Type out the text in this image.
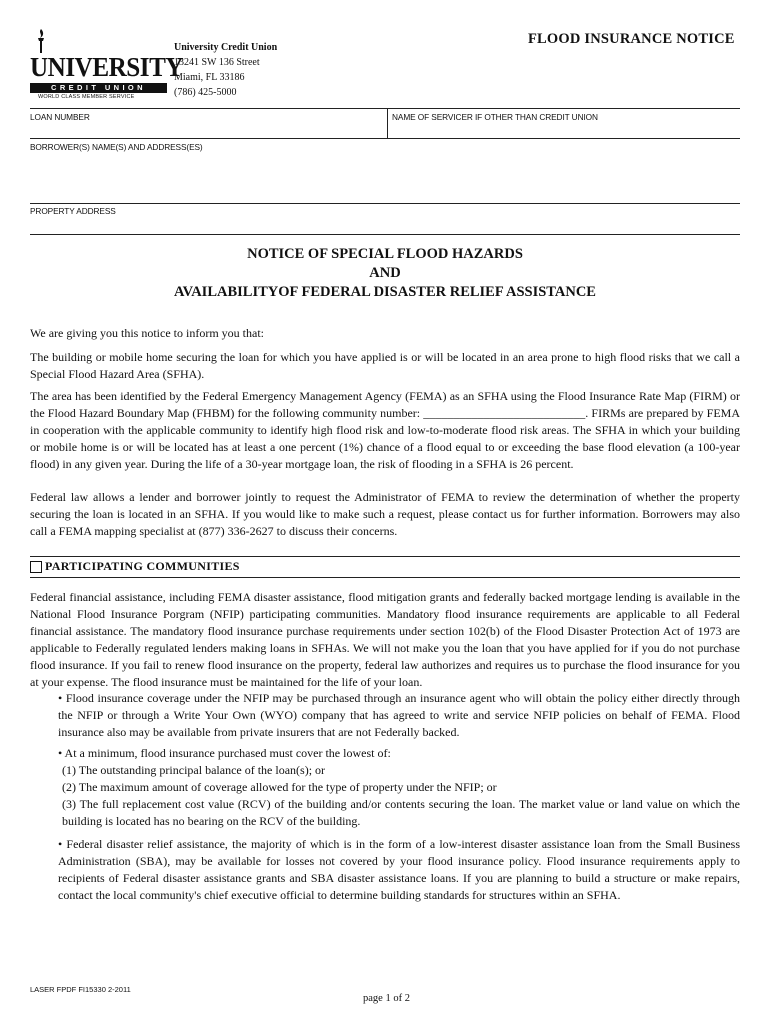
UNIVERSITY
CREDIT UNION
WORLD CLASS MEMBER SERVICE
University Credit Union
13241 SW 136 Street
Miami, FL 33186
(786) 425-5000
FLOOD INSURANCE NOTICE
LOAN NUMBER	NAME OF SERVICER IF OTHER THAN CREDIT UNION
BORROWER(S) NAME(S) AND ADDRESS(ES)
PROPERTY ADDRESS
NOTICE OF SPECIAL FLOOD HAZARDS
AND
AVAILABILITYOF FEDERAL DISASTER RELIEF ASSISTANCE
We are giving you this notice to inform you that:
The building or mobile home securing the loan for which you have applied is or will be located in an area prone to high flood risks that we call a Special Flood Hazard Area (SFHA).
The area has been identified by the Federal Emergency Management Agency (FEMA) as an SFHA using the Flood Insurance Rate Map (FIRM) or the Flood Hazard Boundary Map (FHBM) for the following community number: ___________________________. FIRMs are prepared by FEMA in cooperation with the applicable community to identify high flood risk and low-to-moderate flood risk areas. The SFHA in which your building or mobile home is or will be located has at least a one percent (1%) chance of a flood equal to or exceeding the base flood elevation (a 100-year flood) in any given year. During the life of a 30-year mortgage loan, the risk of flooding in a SFHA is 26 percent.
Federal law allows a lender and borrower jointly to request the Administrator of FEMA to review the determination of whether the property securing the loan is located in an SFHA. If you would like to make such a request, please contact us for further information. Borrowers may also call a FEMA mapping specialist at (877) 336-2627 to discuss their concerns.
PARTICIPATING COMMUNITIES
Federal financial assistance, including FEMA disaster assistance, flood mitigation grants and federally backed mortgage lending is available in the National Flood Insurance Porgram (NFIP) participating communities. Mandatory flood insurance requirements are applicable to all Federal financial assistance. The mandatory flood insurance purchase requirements under section 102(b) of the Flood Disaster Protection Act of 1973 are applicable to Federally regulated lenders making loans in SFHAs. We will not make you the loan that you have applied for if you do not purchase flood insurance. If you fail to renew flood insurance on the property, federal law authorizes and requires us to purchase the flood insurance for you at your expense. The flood insurance must be maintained for the life of your loan.
• Flood insurance coverage under the NFIP may be purchased through an insurance agent who will obtain the policy either directly through the NFIP or through a Write Your Own (WYO) company that has agreed to write and service NFIP policies on behalf of FEMA. Flood insurance also may be available from private insurers that are not Federally backed.
• At a minimum, flood insurance purchased must cover the lowest of:
(1) The outstanding principal balance of the loan(s); or
(2) The maximum amount of coverage allowed for the type of property under the NFIP; or
(3) The full replacement cost value (RCV) of the building and/or contents securing the loan. The market value or land value on which the building is located has no bearing on the RCV of the building.
• Federal disaster relief assistance, the majority of which is in the form of a low-interest disaster assistance loan from the Small Business Administration (SBA), may be available for losses not covered by your flood insurance policy. Flood insurance requirements apply to recipients of Federal disaster assistance grants and SBA disaster assistance loans. If you are planning to build a structure or make repairs, contact the local community's chief executive official to determine building standards for structures within an SFHA.
LASER FPDF FI15330 2-2011
page 1 of 2
